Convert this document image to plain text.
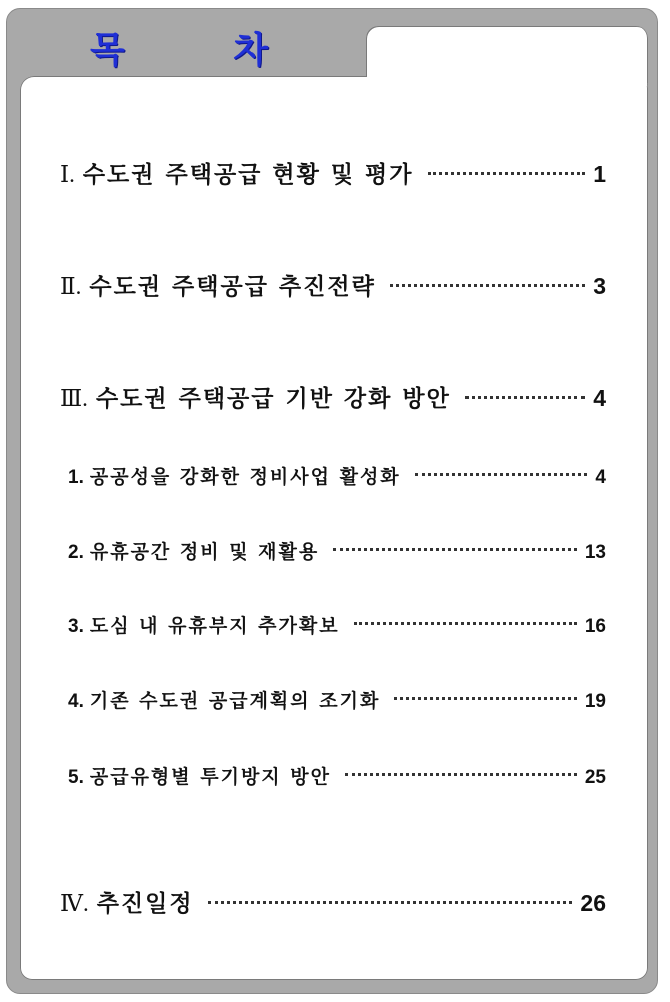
목 차
Ⅰ. 수도권 주택공급 현황 및 평가	1
Ⅱ. 수도권 주택공급 추진전략	3
Ⅲ. 수도권 주택공급 기반 강화 방안	4
1. 공공성을 강화한 정비사업 활성화	4
2. 유휴공간 정비 및 재활용	13
3. 도심 내 유휴부지 추가확보	16
4. 기존 수도권 공급계획의 조기화	19
5. 공급유형별 투기방지 방안	25
Ⅳ. 추진일정	26
